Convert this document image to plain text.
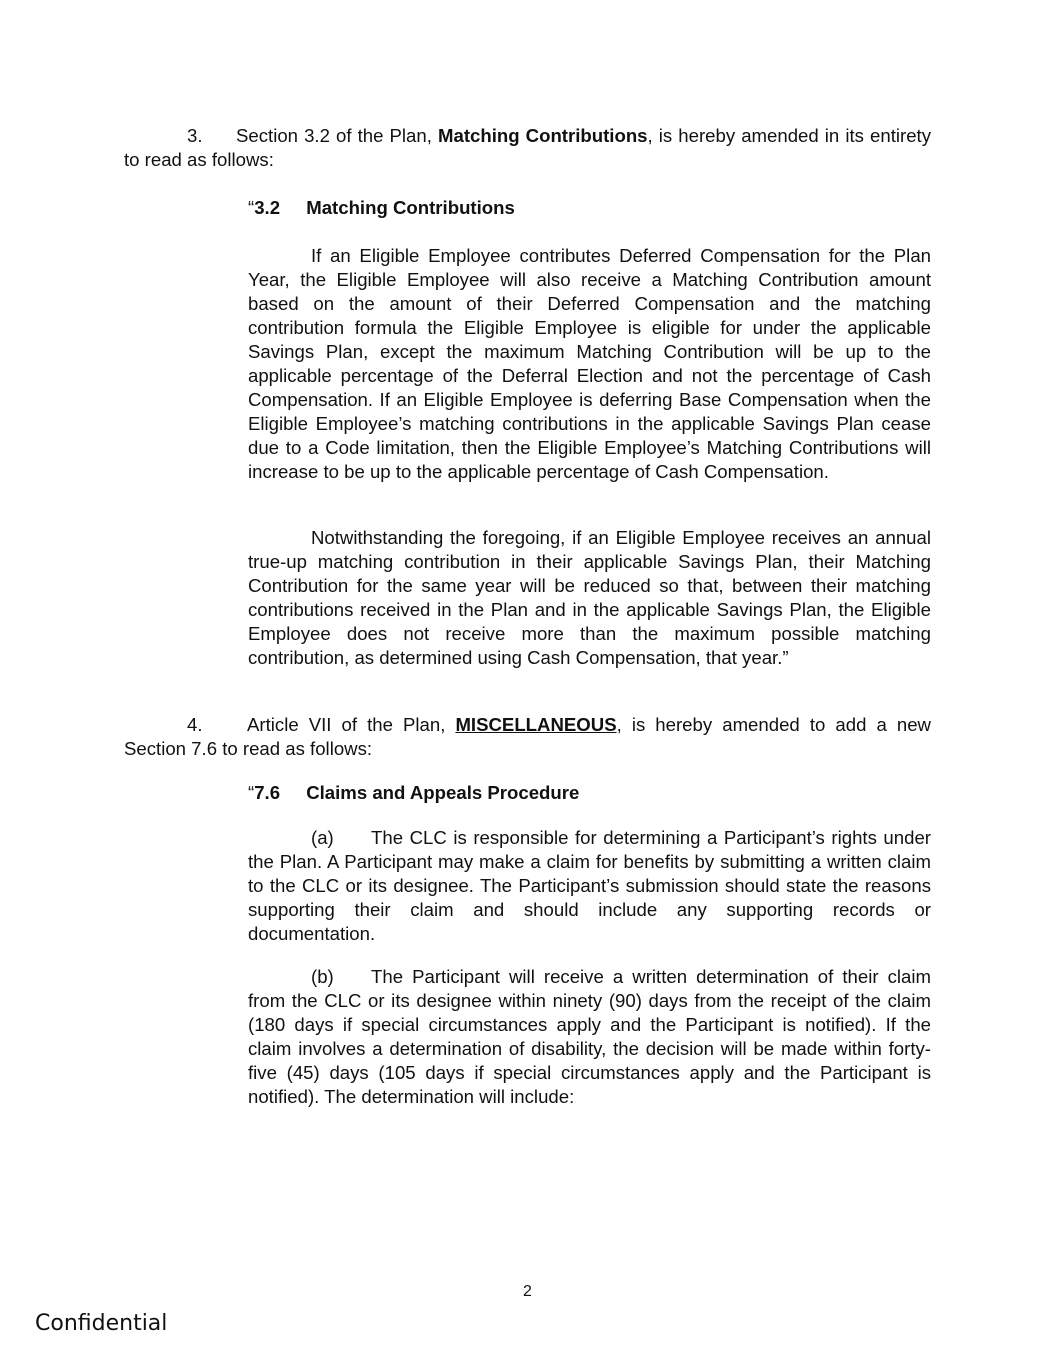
3. Section 3.2 of the Plan, Matching Contributions, is hereby amended in its entirety to read as follows:

“3.2 Matching Contributions

If an Eligible Employee contributes Deferred Compensation for the Plan Year, the Eligible Employee will also receive a Matching Contribution amount based on the amount of their Deferred Compensation and the matching contribution formula the Eligible Employee is eligible for under the applicable Savings Plan, except the maximum Matching Contribution will be up to the applicable percentage of the Deferral Election and not the percentage of Cash Compensation. If an Eligible Employee is deferring Base Compensation when the Eligible Employee’s matching contributions in the applicable Savings Plan cease due to a Code limitation, then the Eligible Employee’s Matching Contributions will increase to be up to the applicable percentage of Cash Compensation.

Notwithstanding the foregoing, if an Eligible Employee receives an annual true-up matching contribution in their applicable Savings Plan, their Matching Contribution for the same year will be reduced so that, between their matching contributions received in the Plan and in the applicable Savings Plan, the Eligible Employee does not receive more than the maximum possible matching contribution, as determined using Cash Compensation, that year.”

4. Article VII of the Plan, MISCELLANEOUS, is hereby amended to add a new Section 7.6 to read as follows:

“7.6 Claims and Appeals Procedure

(a) The CLC is responsible for determining a Participant’s rights under the Plan. A Participant may make a claim for benefits by submitting a written claim to the CLC or its designee. The Participant’s submission should state the reasons supporting their claim and should include any supporting records or documentation.

(b) The Participant will receive a written determination of their claim from the CLC or its designee within ninety (90) days from the receipt of the claim (180 days if special circumstances apply and the Participant is notified). If the claim involves a determination of disability, the decision will be made within forty-five (45) days (105 days if special circumstances apply and the Participant is notified). The determination will include:

2
Confidential
